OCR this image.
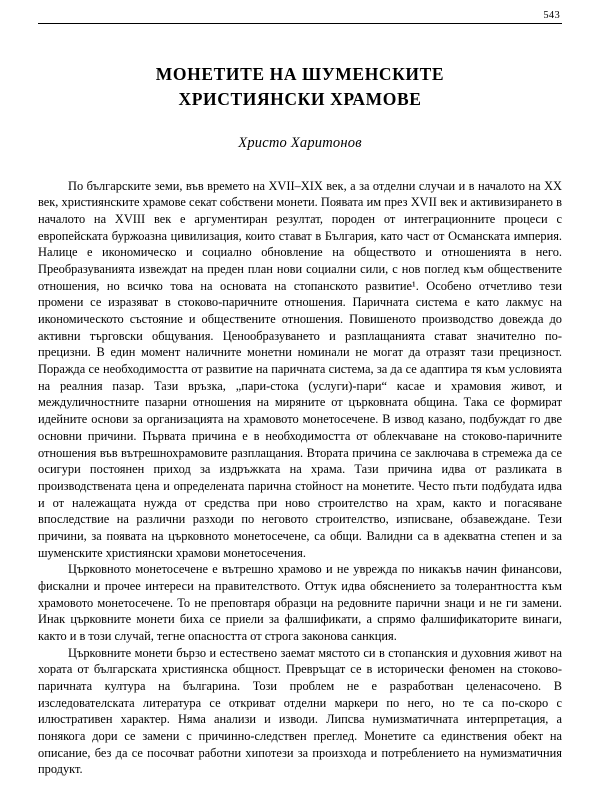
543
МОНЕТИТЕ НА ШУМЕНСКИТЕ
ХРИСТИЯНСКИ ХРАМОВЕ
Христо Харитонов

По българските земи, във времето на XVII–XIX век, а за отделни случаи и в началото на XX век, християнските храмове секат собствени монети. Появата им през XVII век и активизирането в началото на XVIII век е аргументиран резултат, породен от интеграционните процеси с европейската буржоазна цивилизация, които стават в България, като част от Османската империя. Налице е икономическо и социално обновление на обществото и отношенията в него. Преобразуванията извеждат на преден план нови социални сили, с нов поглед към обществените отношения, но всичко това на основата на стопанското развитие¹. Особено отчетливо тези промени се изразяват в стоково-паричните отношения. Паричната система е като лакмус на икономическото състояние и обществените отношения. Повишеното производство довежда до активни търговски общувания. Ценообразуването и разплащанията стават значително по-прецизни. В един момент наличните монетни номинали не могат да отразят тази прецизност. Поражда се необходимостта от развитие на паричната система, за да се адаптира тя към условията на реалния пазар. Тази връзка, „пари-стока (услуги)-пари“ касае и храмовия живот, и междуличностните пазарни отношения на миряните от църковната община. Така се формират идейните основи за организацията на храмовото монетосечене. В извод казано, подбуждат го две основни причини. Първата причина е в необходимостта от облекчаване на стоково-паричните отношения във вътрешнохрамовите разплащания. Втората причина се заключава в стремежа да се осигури постоянен приход за издръжката на храма. Тази причина идва от разликата в производствената цена и определената парична стойност на монетите. Често пъти подбудата идва и от належащата нужда от средства при ново строителство на храм, както и погасяване впоследствие на различни разходи по неговото строителство, изписване, обзавеждане. Тези причини, за появата на църковното монетосечене, са общи. Валидни са в адекватна степен и за шуменските християнски храмови монетосечения.

Църковното монетосечене е вътрешно храмово и не уврежда по никакъв начин финансови, фискални и прочее интереси на правителството. Оттук идва обяснението за толерантността към храмовото монетосечене. То не преповтаря образци на редовните парични знаци и не ги замени. Инак църковните монети биха се приели за фалшификати, а спрямо фалшификаторите винаги, както и в този случай, тегне опасността от строга законова санкция.

Църковните монети бързо и естествено заемат мястото си в стопанския и духовния живот на хората от българската християнска общност. Превръщат се в исторически феномен на стоково-паричната култура на българина. Този проблем не е разработван целенасочено. В изследователската литература се откриват отделни маркери по него, но те са по-скоро с илюстративен характер. Няма анализи и изводи. Липсва нумизматичната интерпретация, а понякога дори се замени с причинно-следствен преглед. Монетите са единствения обект на описание, без да се посочват работни хипотези за произхода и потреблението на нумизматичния продукт.
